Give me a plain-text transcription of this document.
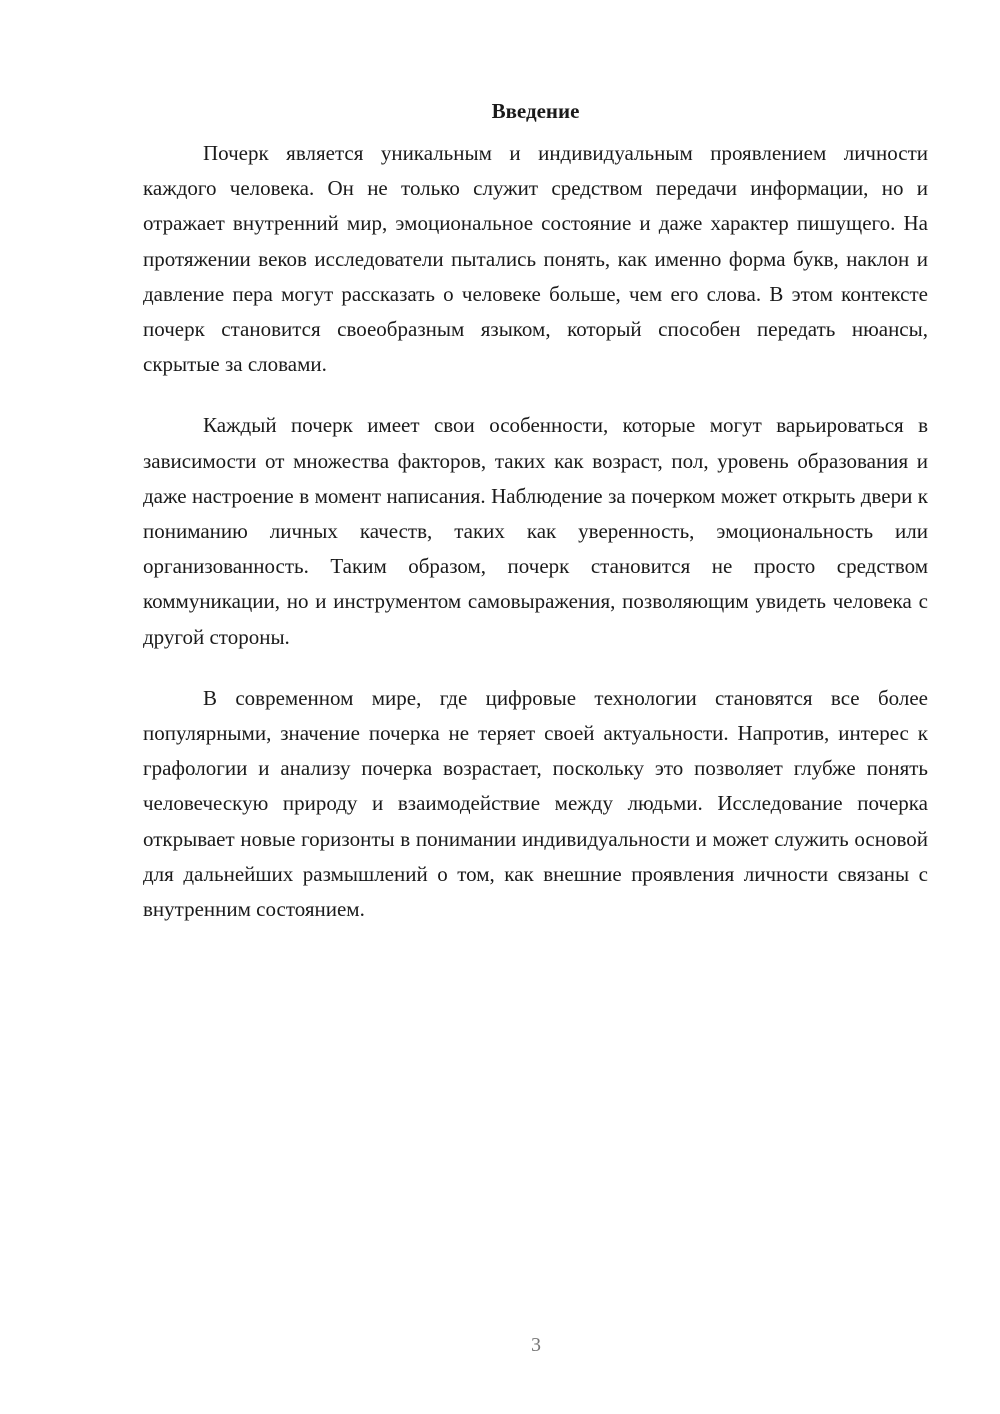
Введение

Почерк является уникальным и индивидуальным проявлением личности каждого человека. Он не только служит средством передачи информации, но и отражает внутренний мир, эмоциональное состояние и даже характер пишущего. На протяжении веков исследователи пытались понять, как именно форма букв, наклон и давление пера могут рассказать о человеке больше, чем его слова. В этом контексте почерк становится своеобразным языком, который способен передать нюансы, скрытые за словами.

Каждый почерк имеет свои особенности, которые могут варьироваться в зависимости от множества факторов, таких как возраст, пол, уровень образования и даже настроение в момент написания. Наблюдение за почерком может открыть двери к пониманию личных качеств, таких как уверенность, эмоциональность или организованность. Таким образом, почерк становится не просто средством коммуникации, но и инструментом самовыражения, позволяющим увидеть человека с другой стороны.

В современном мире, где цифровые технологии становятся все более популярными, значение почерка не теряет своей актуальности. Напротив, интерес к графологии и анализу почерка возрастает, поскольку это позволяет глубже понять человеческую природу и взаимодействие между людьми. Исследование почерка открывает новые горизонты в понимании индивидуальности и может служить основой для дальнейших размышлений о том, как внешние проявления личности связаны с внутренним состоянием.

3
